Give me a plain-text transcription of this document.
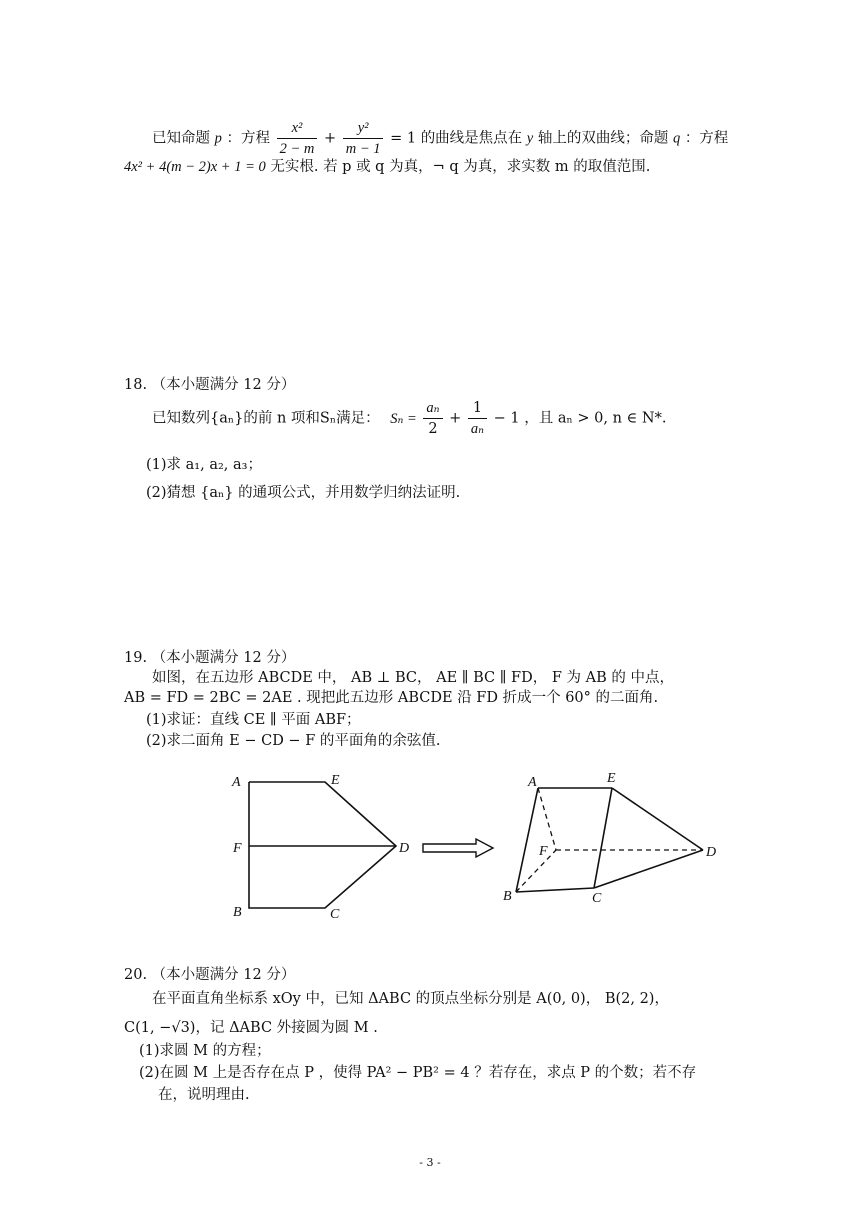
已知命题 p ：方程 $\frac{\text{x²}}{2 - m} + \frac{\text{y²}}{m - 1} = 1$ 的曲线是焦点在 y 轴上的双曲线；命题 q ：方程
4x² + 4(m − 2)x + 1 = 0 无实根. 若 p 或 q 为真，¬ q 为真，求实数 m 的取值范围.
18. （本小题满分 12 分）
已知数列{aₙ}的前 n 项和Sₙ满足： $S_n = \frac{\text{aₙ}}{2} + \frac{1}{\text{aₙ}} - 1$ ，且 aₙ > 0, n ∈ N*.
(1)求 a₁, a₂, a₃；
(2)猜想 {aₙ} 的通项公式，并用数学归纳法证明.
19. （本小题满分 12 分）
如图，在五边形 ABCDE 中， AB ⊥ BC， AE ∥ BC ∥ FD， F 为 AB 的 中点，
AB = FD = 2BC = 2AE . 现把此五边形 ABCDE 沿 FD 折成一个 60° 的二面角.
(1)求证：直线 CE ∥ 平面 ABF；
(2)求二面角 E − CD − F 的平面角的余弦值.
A	E
F	D
B	C
A	E
F	D
B	C
20. （本小题满分 12 分）
在平面直角坐标系 xOy 中，已知 ΔABC 的顶点坐标分别是 A(0, 0)， B(2, 2)，
C(1, −√3)，记 ΔABC 外接圆为圆 M .
(1)求圆 M 的方程；
(2)在圆 M 上是否存在点 P ，使得 PA² − PB² = 4 ？若存在，求点 P 的个数；若不存
在，说明理由.
- 3 -
